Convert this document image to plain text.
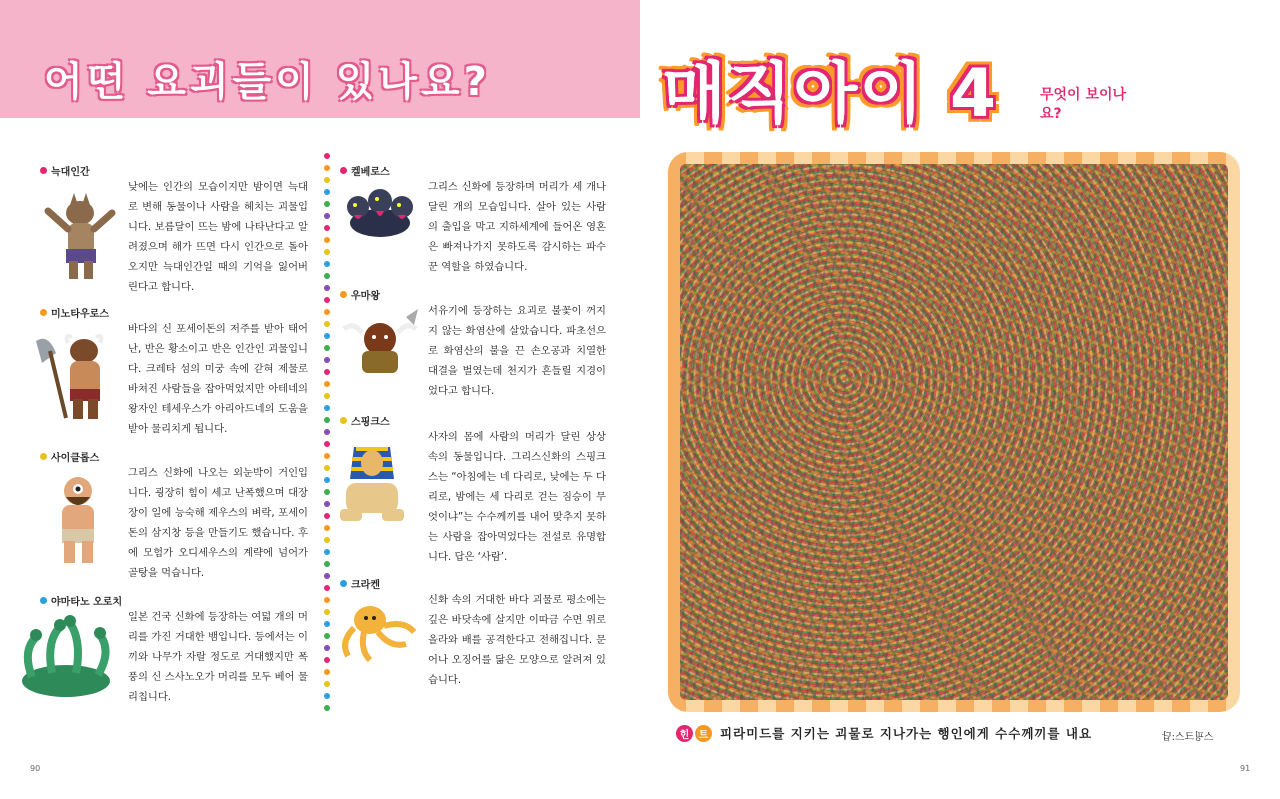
어떤 요괴들이 있나요?
늑대인간
낮에는 인간의 모습이지만 밤이면 늑대로 변해 동물이나 사람을 헤치는 괴물입니다. 보름달이 뜨는 밤에 나타난다고 알려졌으며 해가 뜨면 다시 인간으로 돌아오지만 늑대인간일 때의 기억을 잃어버린다고 합니다.
미노타우로스
바다의 신 포세이돈의 저주를 받아 태어난, 반은 황소이고 반은 인간인 괴물입니다. 크레타 섬의 미궁 속에 갇혀 제물로 바쳐진 사람들을 잡아먹었지만 아테네의 왕자인 테세우스가 아리아드네의 도움을 받아 물리치게 됩니다.
사이클롭스
그리스 신화에 나오는 외눈박이 거인입니다. 굉장히 힘이 세고 난폭했으며 대장장이 일에 능숙해 제우스의 벼락, 포세이돈의 삼지창 등을 만들기도 했습니다. 후에 모험가 오디세우스의 계략에 넘어가 골탕을 먹습니다.
야마타노 오로치
일본 건국 신화에 등장하는 여덟 개의 머리를 가진 거대한 뱀입니다. 등에서는 이끼와 나무가 자랄 정도로 거대했지만 폭풍의 신 스사노오가 머리를 모두 베어 물리칩니다.
켈베로스
그리스 신화에 등장하며 머리가 세 개나 달린 개의 모습입니다. 살아 있는 사람의 출입을 막고 지하세계에 들어온 영혼은 빠져나가지 못하도록 감시하는 파수꾼 역할을 하였습니다.
우마왕
서유기에 등장하는 요괴로 불꽃이 꺼지지 않는 화염산에 살았습니다. 파초선으로 화염산의 불을 끈 손오공과 치열한 대결을 벌였는데 천지가 흔들릴 지경이었다고 합니다.
스핑크스
사자의 몸에 사람의 머리가 달린 상상 속의 동물입니다. 그리스신화의 스핑크스는 “아침에는 네 다리로, 낮에는 두 다리로, 밤에는 세 다리로 걷는 짐승이 무엇이냐”는 수수께끼를 내어 맞추지 못하는 사람을 잡아먹었다는 전설로 유명합니다. 답은 ‘사람’.
크라켄
신화 속의 거대한 바다 괴물로 평소에는 깊은 바닷속에 살지만 이따금 수면 위로 올라와 배를 공격한다고 전해집니다. 문어나 오징어를 닮은 모양으로 알려져 있습니다.
90
매직아이 4	무엇이 보이나요?
힌 트 피라미드를 지키는 괴물로 지나가는 행인에게 수수께끼를 내요	스핑크스:답
91
